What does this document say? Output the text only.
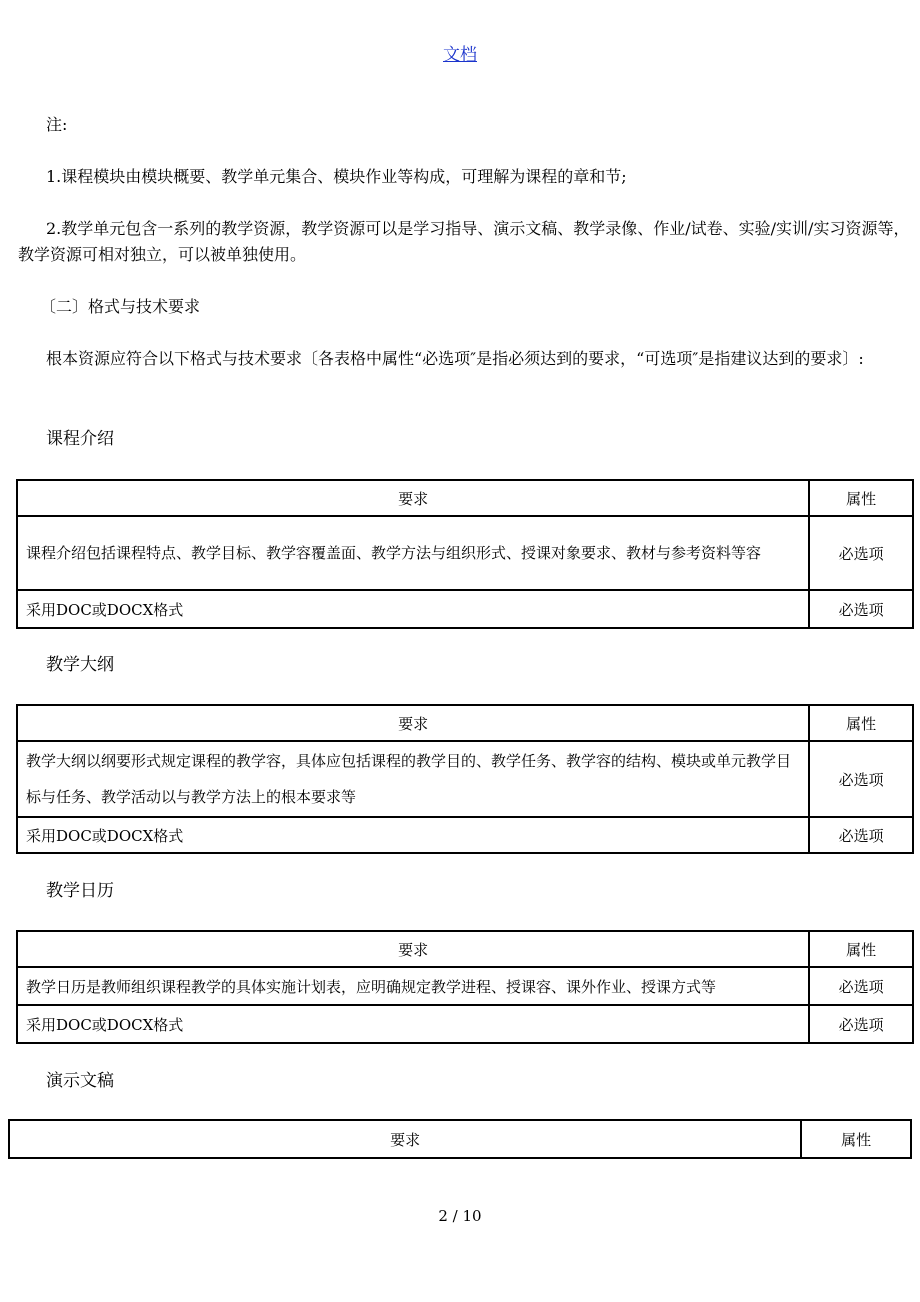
文档
注:
1.课程模块由模块概要、教学单元集合、模块作业等构成，可理解为课程的章和节;
2.教学单元包含一系列的教学资源，教学资源可以是学习指导、演示文稿、教学录像、作业/试卷、实验/实训/实习资源等，教学资源可相对独立，可以被单独使用。
〔二〕格式与技术要求
根本资源应符合以下格式与技术要求〔各表格中属性“必选项″是指必须达到的要求，“可选项″是指建议达到的要求〕:
课程介绍
要求	属性
课程介绍包括课程特点、教学目标、教学容覆盖面、教学方法与组织形式、授课对象要求、教材与参考资料等容	必选项
采用DOC或DOCX格式	必选项
教学大纲
要求	属性
教学大纲以纲要形式规定课程的教学容，具体应包括课程的教学目的、教学任务、教学容的结构、模块或单元教学目标与任务、教学活动以与教学方法上的根本要求等	必选项
采用DOC或DOCX格式	必选项
教学日历
要求	属性
教学日历是教师组织课程教学的具体实施计划表，应明确规定教学进程、授课容、课外作业、授课方式等	必选项
采用DOC或DOCX格式	必选项
演示文稿
要求	属性
2 / 10
